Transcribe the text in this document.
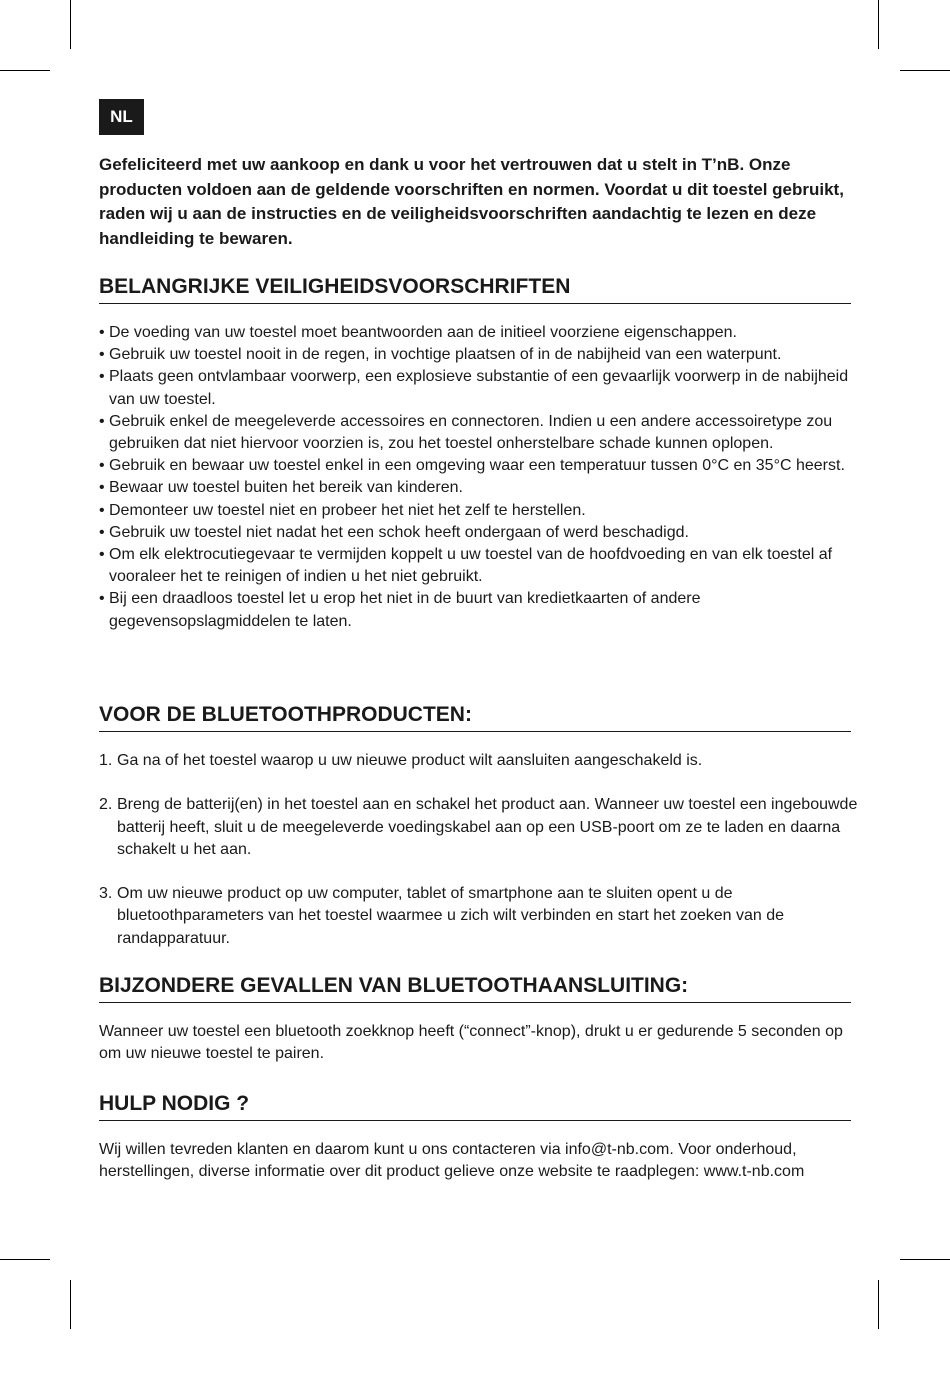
NL

Gefeliciteerd met uw aankoop en dank u voor het vertrouwen dat u stelt in T’nB. Onze producten voldoen aan de geldende voorschriften en normen. Voordat u dit toestel gebruikt, raden wij u aan de instructies en de veiligheidsvoorschriften aandachtig te lezen en deze handleiding te bewaren.

BELANGRIJKE VEILIGHEIDSVOORSCHRIFTEN
• De voeding van uw toestel moet beantwoorden aan de initieel voorziene eigenschappen.
• Gebruik uw toestel nooit in de regen, in vochtige plaatsen of in de nabijheid van een waterpunt.
• Plaats geen ontvlambaar voorwerp, een explosieve substantie of een gevaarlijk voorwerp in de nabijheid van uw toestel.
• Gebruik enkel de meegeleverde accessoires en connectoren. Indien u een andere accessoiretype zou gebruiken dat niet hiervoor voorzien is, zou het toestel onherstelbare schade kunnen oplopen.
• Gebruik en bewaar uw toestel enkel in een omgeving waar een temperatuur tussen 0°C en 35°C heerst.
• Bewaar uw toestel buiten het bereik van kinderen.
• Demonteer uw toestel niet en probeer het niet het zelf te herstellen.
• Gebruik uw toestel niet nadat het een schok heeft ondergaan of werd beschadigd.
• Om elk elektrocutiegevaar te vermijden koppelt u uw toestel van de hoofdvoeding en van elk toestel af vooraleer het te reinigen of indien u het niet gebruikt.
• Bij een draadloos toestel let u erop het niet in de buurt van kredietkaarten of andere gegevensopslagmiddelen te laten.
VOOR DE BLUETOOTHPRODUCTEN:
1. Ga na of het toestel waarop u uw nieuwe product wilt aansluiten aangeschakeld is.
2. Breng de batterij(en) in het toestel aan en schakel het product aan. Wanneer uw toestel een ingebouwde batterij heeft, sluit u de meegeleverde voedingskabel aan op een USB-poort om ze te laden en daarna schakelt u het aan.
3. Om uw nieuwe product op uw computer, tablet of smartphone aan te sluiten opent u de bluetoothparameters van het toestel waarmee u zich wilt verbinden en start het zoeken van de randapparatuur.
BIJZONDERE GEVALLEN VAN BLUETOOTHAANSLUITING:

Wanneer uw toestel een bluetooth zoekknop heeft (“connect”-knop), drukt u er gedurende 5 seconden op om uw nieuwe toestel te pairen.

HULP NODIG ?

Wij willen tevreden klanten en daarom kunt u ons contacteren via info@t-nb.com. Voor onderhoud, herstellingen, diverse informatie over dit product gelieve onze website te raadplegen: www.t-nb.com
